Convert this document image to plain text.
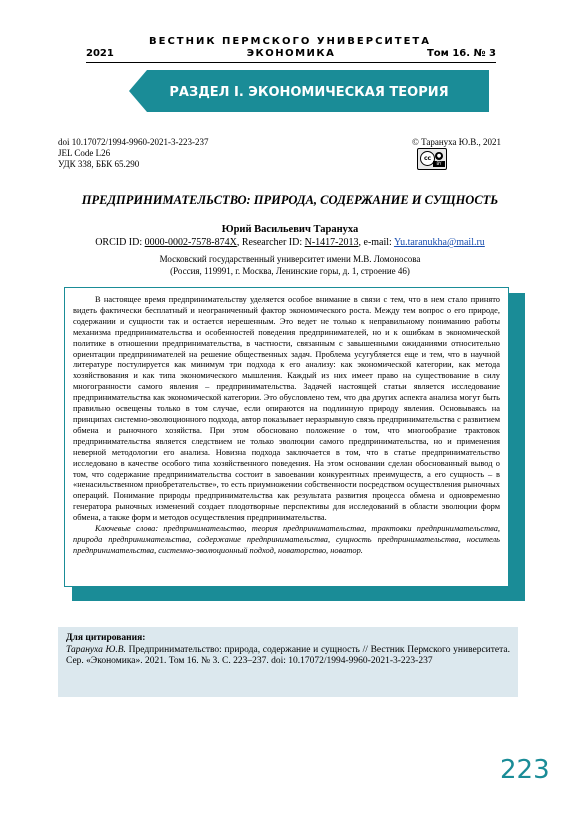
ВЕСТНИК ПЕРМСКОГО УНИВЕРСИТЕТА
2021	ЭКОНОМИКА	Том 16. № 3
РАЗДЕЛ I. ЭКОНОМИЧЕСКАЯ ТЕОРИЯ
doi 10.17072/1994-9960-2021-3-223-237
JEL Code L26
УДК 338, ББК 65.290
© Тарануха Ю.В., 2021
cc	●
BY
ПРЕДПРИНИМАТЕЛЬСТВО: ПРИРОДА, СОДЕРЖАНИЕ И СУЩНОСТЬ
Юрий Васильевич Тарануха
ORCID ID: 0000-0002-7578-874X, Researcher ID: N-1417-2013, e-mail: Yu.taranukha@mail.ru
Московский государственный университет имени М.В. Ломоносова
(Россия, 119991, г. Москва, Ленинские горы, д. 1, строение 46)

В настоящее время предпринимательству уделяется особое внимание в связи с тем, что в нем стало принято видеть фактически бесплатный и неограниченный фактор экономического роста. Между тем вопрос о его природе, содержании и сущности так и остается нерешенным. Это ведет не только к неправильному пониманию работы механизма предпринимательства и особенностей поведения предпринимателей, но и к ошибкам в экономической политике в отношении предпринимательства, в частности, связанным с завышенными ожиданиями относительно ориентации предпринимателей на решение общественных задач. Проблема усугубляется еще и тем, что в научной литературе постулируется как минимум три подхода к его анализу: как экономической категории, как метода хозяйствования и как типа экономического мышления. Каждый из них имеет право на существование в силу многогранности самого явления – предпринимательства. Задачей настоящей статьи является исследование предпринимательства как экономической категории. Это обусловлено тем, что два других аспекта анализа могут быть правильно освещены только в том случае, если опираются на подлинную природу явления. Основываясь на принципах системно-эволюционного подхода, автор показывает неразрывную связь предпринимательства с развитием обмена и рыночного хозяйства. При этом обосновано положение о том, что многообразие трактовок предпринимательства является следствием не только эволюции самого предпринимательства, но и применения неверной методологии его анализа. Новизна подхода заключается в том, что в статье предпринимательство исследовано в качестве особого типа хозяйственного поведения. На этом основании сделан обоснованный вывод о том, что содержание предпринимательства состоит в завоевании конкурентных преимуществ, а его сущность – в «ненасильственном приобретательстве», то есть приумножении собственности посредством осуществления рыночных операций. Понимание природы предпринимательства как результата развития процесса обмена и одновременно генератора рыночных изменений создает плодотворные перспективы для исследований в области эволюции форм обмена, а также форм и методов осуществления предпринимательства.

Ключевые слова: предпринимательство, теория предпринимательства, трактовки предпринимательства, природа предпринимательства, содержание предпринимательства, сущность предпринимательства, носитель предпринимательства, системно-эволюционный подход, новаторство, новатор.

Для цитирования:
Тарануха Ю.В. Предпринимательство: природа, содержание и сущность // Вестник Пермского университета. Сер. «Экономика». 2021. Том 16. № 3. С. 223–237. doi: 10.17072/1994-9960-2021-3-223-237
223
